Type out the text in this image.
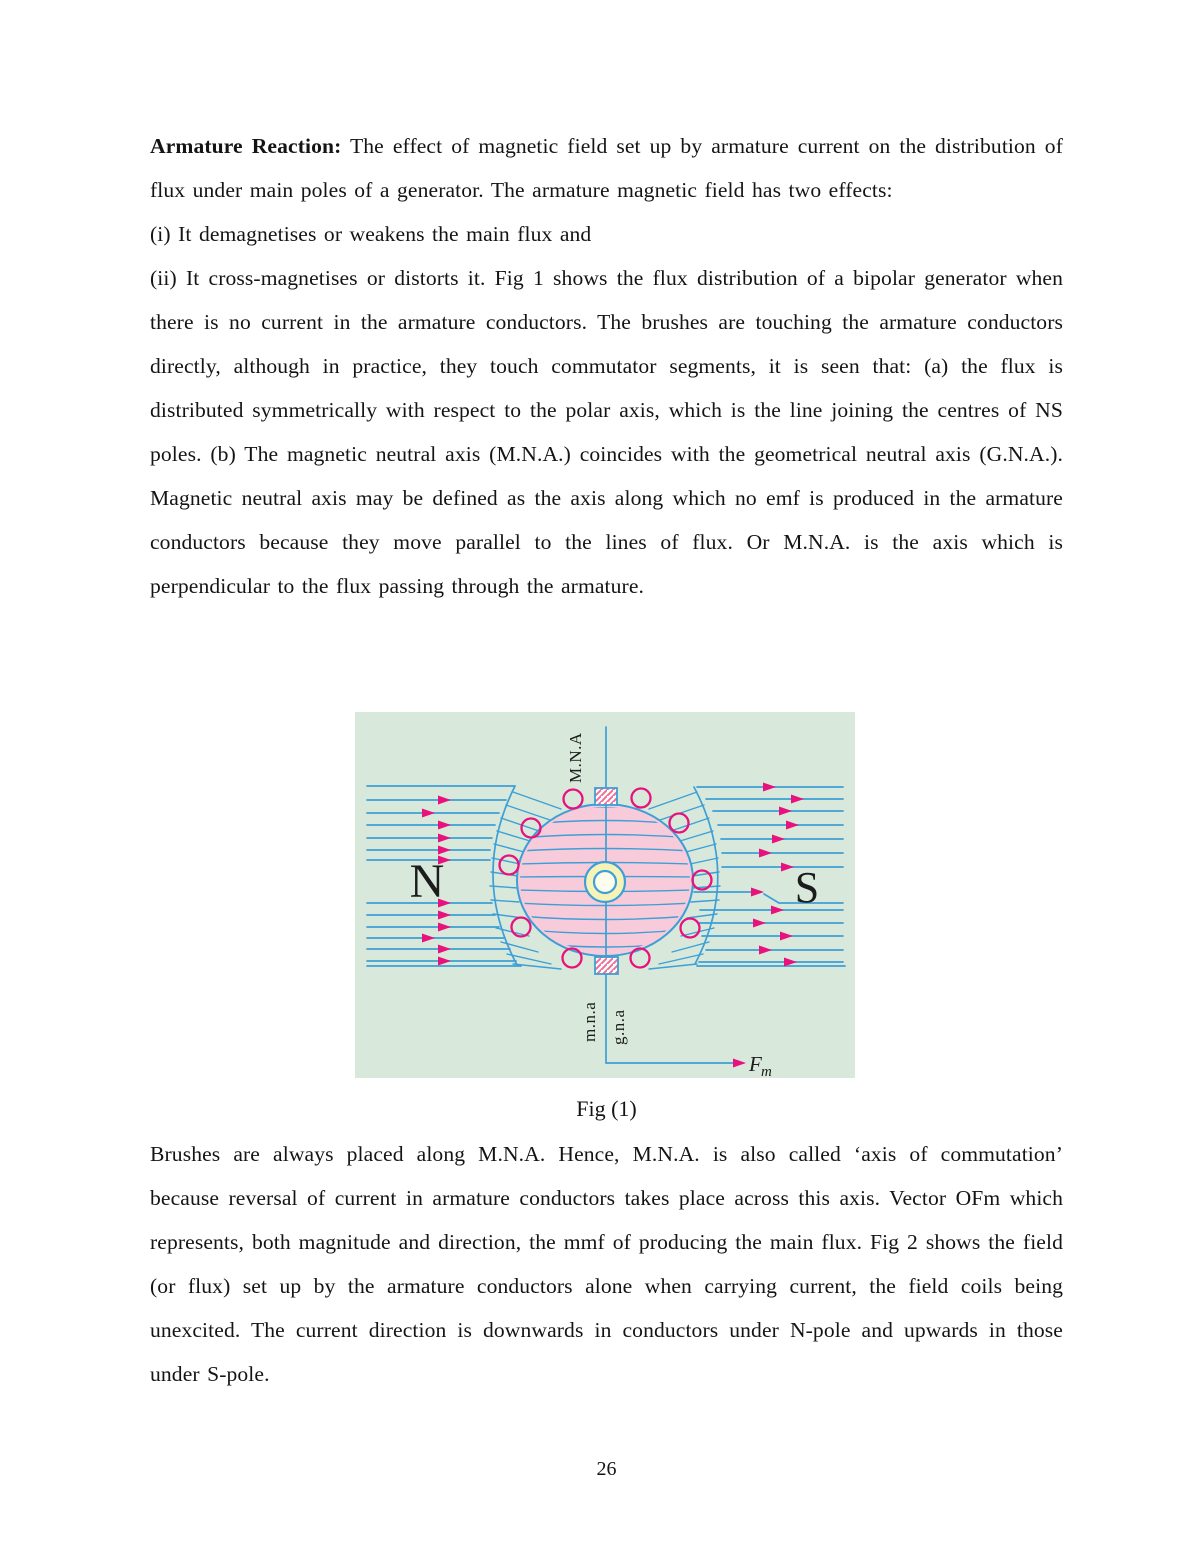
Armature Reaction: The effect of magnetic field set up by armature current on the distribution of flux under main poles of a generator. The armature magnetic field has two effects:

(i) It demagnetises or weakens the main flux and

(ii) It cross-magnetises or distorts it. Fig 1 shows the flux distribution of a bipolar generator when there is no current in the armature conductors. The brushes are touching the armature conductors directly, although in practice, they touch commutator segments, it is seen that: (a) the flux is distributed symmetrically with respect to the polar axis, which is the line joining the centres of NS poles. (b) The magnetic neutral axis (M.N.A.) coincides with the geometrical neutral axis (G.N.A.). Magnetic neutral axis may be defined as the axis along which no emf is produced in the armature conductors because they move parallel to the lines of flux. Or M.N.A. is the axis which is perpendicular to the flux passing through the armature.

M.N.A
N	S
m.n.a g.n.a
F m
Fig (1)

Brushes are always placed along M.N.A. Hence, M.N.A. is also called ‘axis of commutation’ because reversal of current in armature conductors takes place across this axis. Vector OFm which represents, both magnitude and direction, the mmf of producing the main flux. Fig 2 shows the field (or flux) set up by the armature conductors alone when carrying current, the field coils being unexcited. The current direction is downwards in conductors under N-pole and upwards in those under S-pole.

26
